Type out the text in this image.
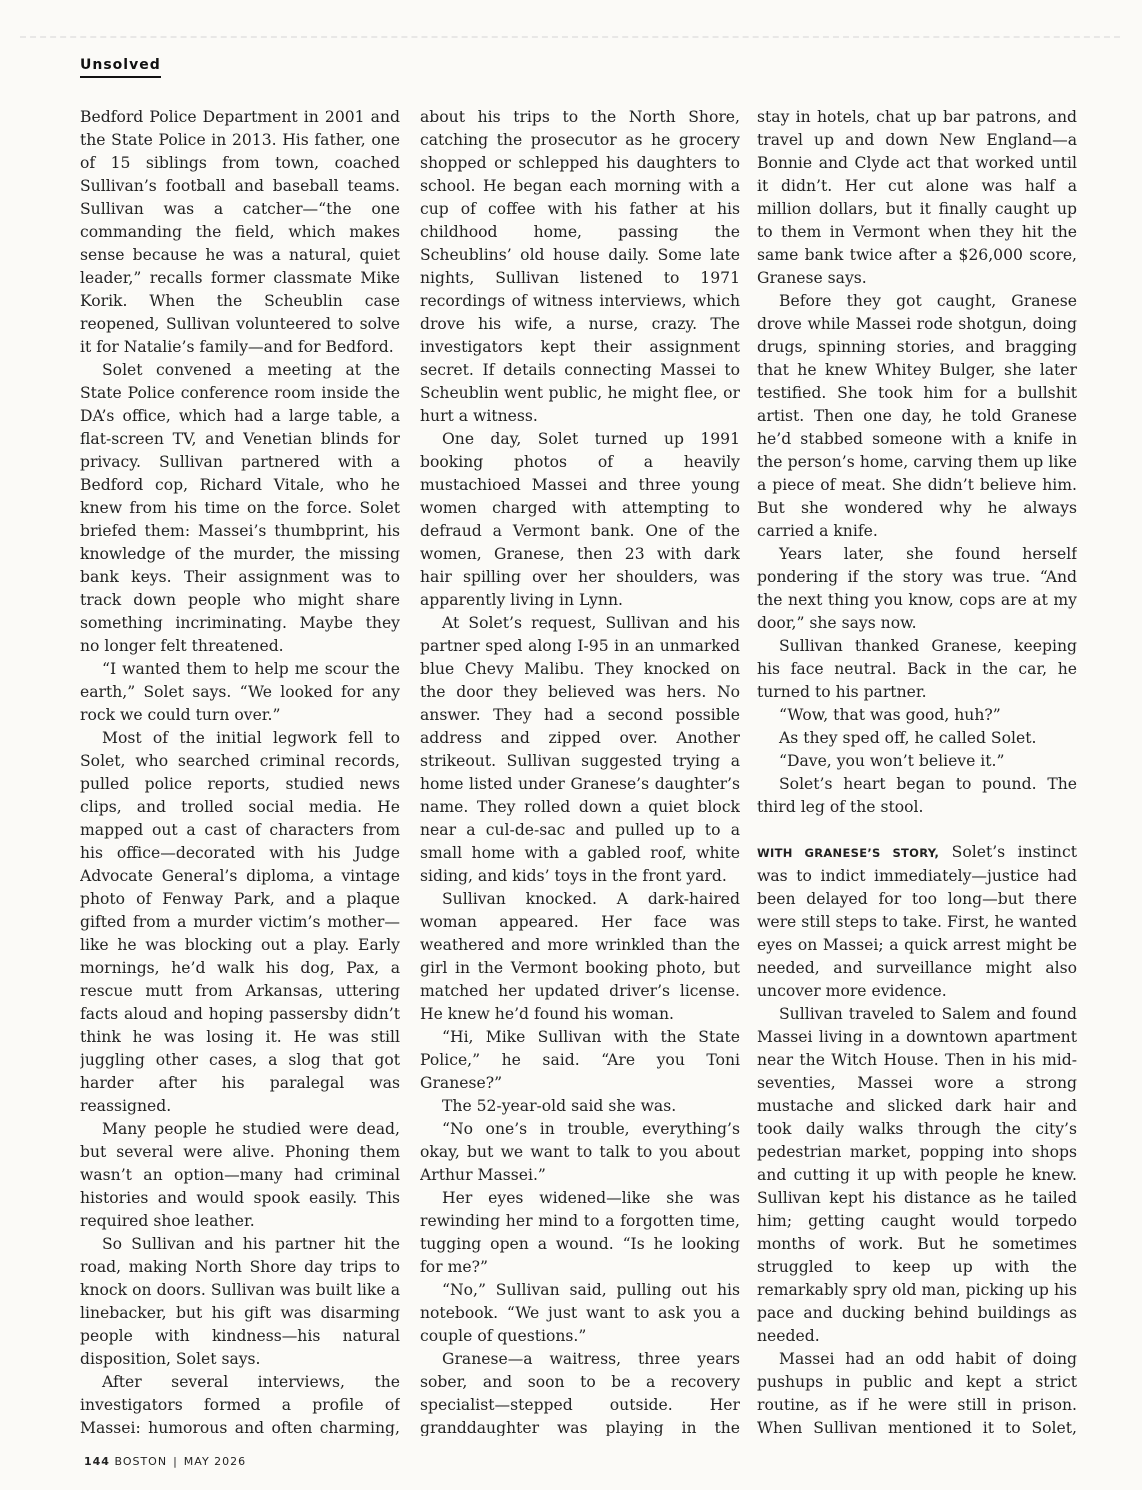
Unsolved

Bedford Police Department in 2001 and the State Police in 2013. His father, one of 15 siblings from town, coached Sullivan’s football and baseball teams. Sullivan was a catcher—“the one commanding the field, which makes sense because he was a natural, quiet leader,” recalls former classmate Mike Korik. When the Scheublin case reopened, Sullivan volunteered to solve it for Natalie’s family—and for Bedford.

Solet convened a meeting at the State Police conference room inside the DA’s office, which had a large table, a flat-screen TV, and Venetian blinds for privacy. Sullivan partnered with a Bedford cop, Richard Vitale, who he knew from his time on the force. Solet briefed them: Massei’s thumbprint, his knowledge of the murder, the missing bank keys. Their assignment was to track down people who might share something incriminating. Maybe they no longer felt threatened.

“I wanted them to help me scour the earth,” Solet says. “We looked for any rock we could turn over.”

Most of the initial legwork fell to Solet, who searched criminal records, pulled police reports, studied news clips, and trolled social media. He mapped out a cast of characters from his office—decorated with his Judge Advocate General’s diploma, a vintage photo of Fenway Park, and a plaque gifted from a murder victim’s mother—like he was blocking out a play. Early mornings, he’d walk his dog, Pax, a rescue mutt from Arkansas, uttering facts aloud and hoping passersby didn’t think he was losing it. He was still juggling other cases, a slog that got harder after his paralegal was reassigned.

Many people he studied were dead, but several were alive. Phoning them wasn’t an option—many had criminal histories and would spook easily. This required shoe leather.

So Sullivan and his partner hit the road, making North Shore day trips to knock on doors. Sullivan was built like a linebacker, but his gift was disarming people with kindness—his natural disposition, Solet says.

After several interviews, the investigators formed a profile of Massei: humorous and often charming,

about his trips to the North Shore, catching the prosecutor as he grocery shopped or schlepped his daughters to school. He began each morning with a cup of coffee with his father at his childhood home, passing the Scheublins’ old house daily. Some late nights, Sullivan listened to 1971 recordings of witness interviews, which drove his wife, a nurse, crazy. The investigators kept their assignment secret. If details connecting Massei to Scheublin went public, he might flee, or hurt a witness.

One day, Solet turned up 1991 booking photos of a heavily mustachioed Massei and three young women charged with attempting to defraud a Vermont bank. One of the women, Granese, then 23 with dark hair spilling over her shoulders, was apparently living in Lynn.

At Solet’s request, Sullivan and his partner sped along I-95 in an unmarked blue Chevy Malibu. They knocked on the door they believed was hers. No answer. They had a second possible address and zipped over. Another strikeout. Sullivan suggested trying a home listed under Granese’s daughter’s name. They rolled down a quiet block near a cul-de-sac and pulled up to a small home with a gabled roof, white siding, and kids’ toys in the front yard.

Sullivan knocked. A dark-haired woman appeared. Her face was weathered and more wrinkled than the girl in the Vermont booking photo, but matched her updated driver’s license. He knew he’d found his woman.

“Hi, Mike Sullivan with the State Police,” he said. “Are you Toni Granese?”

The 52-year-old said she was.

“No one’s in trouble, everything’s okay, but we want to talk to you about Arthur Massei.”

Her eyes widened—like she was rewinding her mind to a forgotten time, tugging open a wound. “Is he looking for me?”

“No,” Sullivan said, pulling out his notebook. “We just want to ask you a couple of questions.”

Granese—a waitress, three years sober, and soon to be a recovery specialist—stepped outside. Her granddaughter was playing in the

stay in hotels, chat up bar patrons, and travel up and down New England—a Bonnie and Clyde act that worked until it didn’t. Her cut alone was half a million dollars, but it finally caught up to them in Vermont when they hit the same bank twice after a $26,000 score, Granese says.

Before they got caught, Granese drove while Massei rode shotgun, doing drugs, spinning stories, and bragging that he knew Whitey Bulger, she later testified. She took him for a bullshit artist. Then one day, he told Granese he’d stabbed someone with a knife in the person’s home, carving them up like a piece of meat. She didn’t believe him. But she wondered why he always carried a knife.

Years later, she found herself pondering if the story was true. “And the next thing you know, cops are at my door,” she says now.

Sullivan thanked Granese, keeping his face neutral. Back in the car, he turned to his partner.

“Wow, that was good, huh?”

As they sped off, he called Solet.

“Dave, you won’t believe it.”

Solet’s heart began to pound. The third leg of the stool.

WITH GRANESE’S STORY, Solet’s instinct was to indict immediately—justice had been delayed for too long—but there were still steps to take. First, he wanted eyes on Massei; a quick arrest might be needed, and surveillance might also uncover more evidence.

Sullivan traveled to Salem and found Massei living in a downtown apartment near the Witch House. Then in his mid-seventies, Massei wore a strong mustache and slicked dark hair and took daily walks through the city’s pedestrian market, popping into shops and cutting it up with people he knew. Sullivan kept his distance as he tailed him; getting caught would torpedo months of work. But he sometimes struggled to keep up with the remarkably spry old man, picking up his pace and ducking behind buildings as needed.

Massei had an odd habit of doing pushups in public and kept a strict routine, as if he were still in prison. When Sullivan mentioned it to Solet,

144 BOSTON | MAY 2026
